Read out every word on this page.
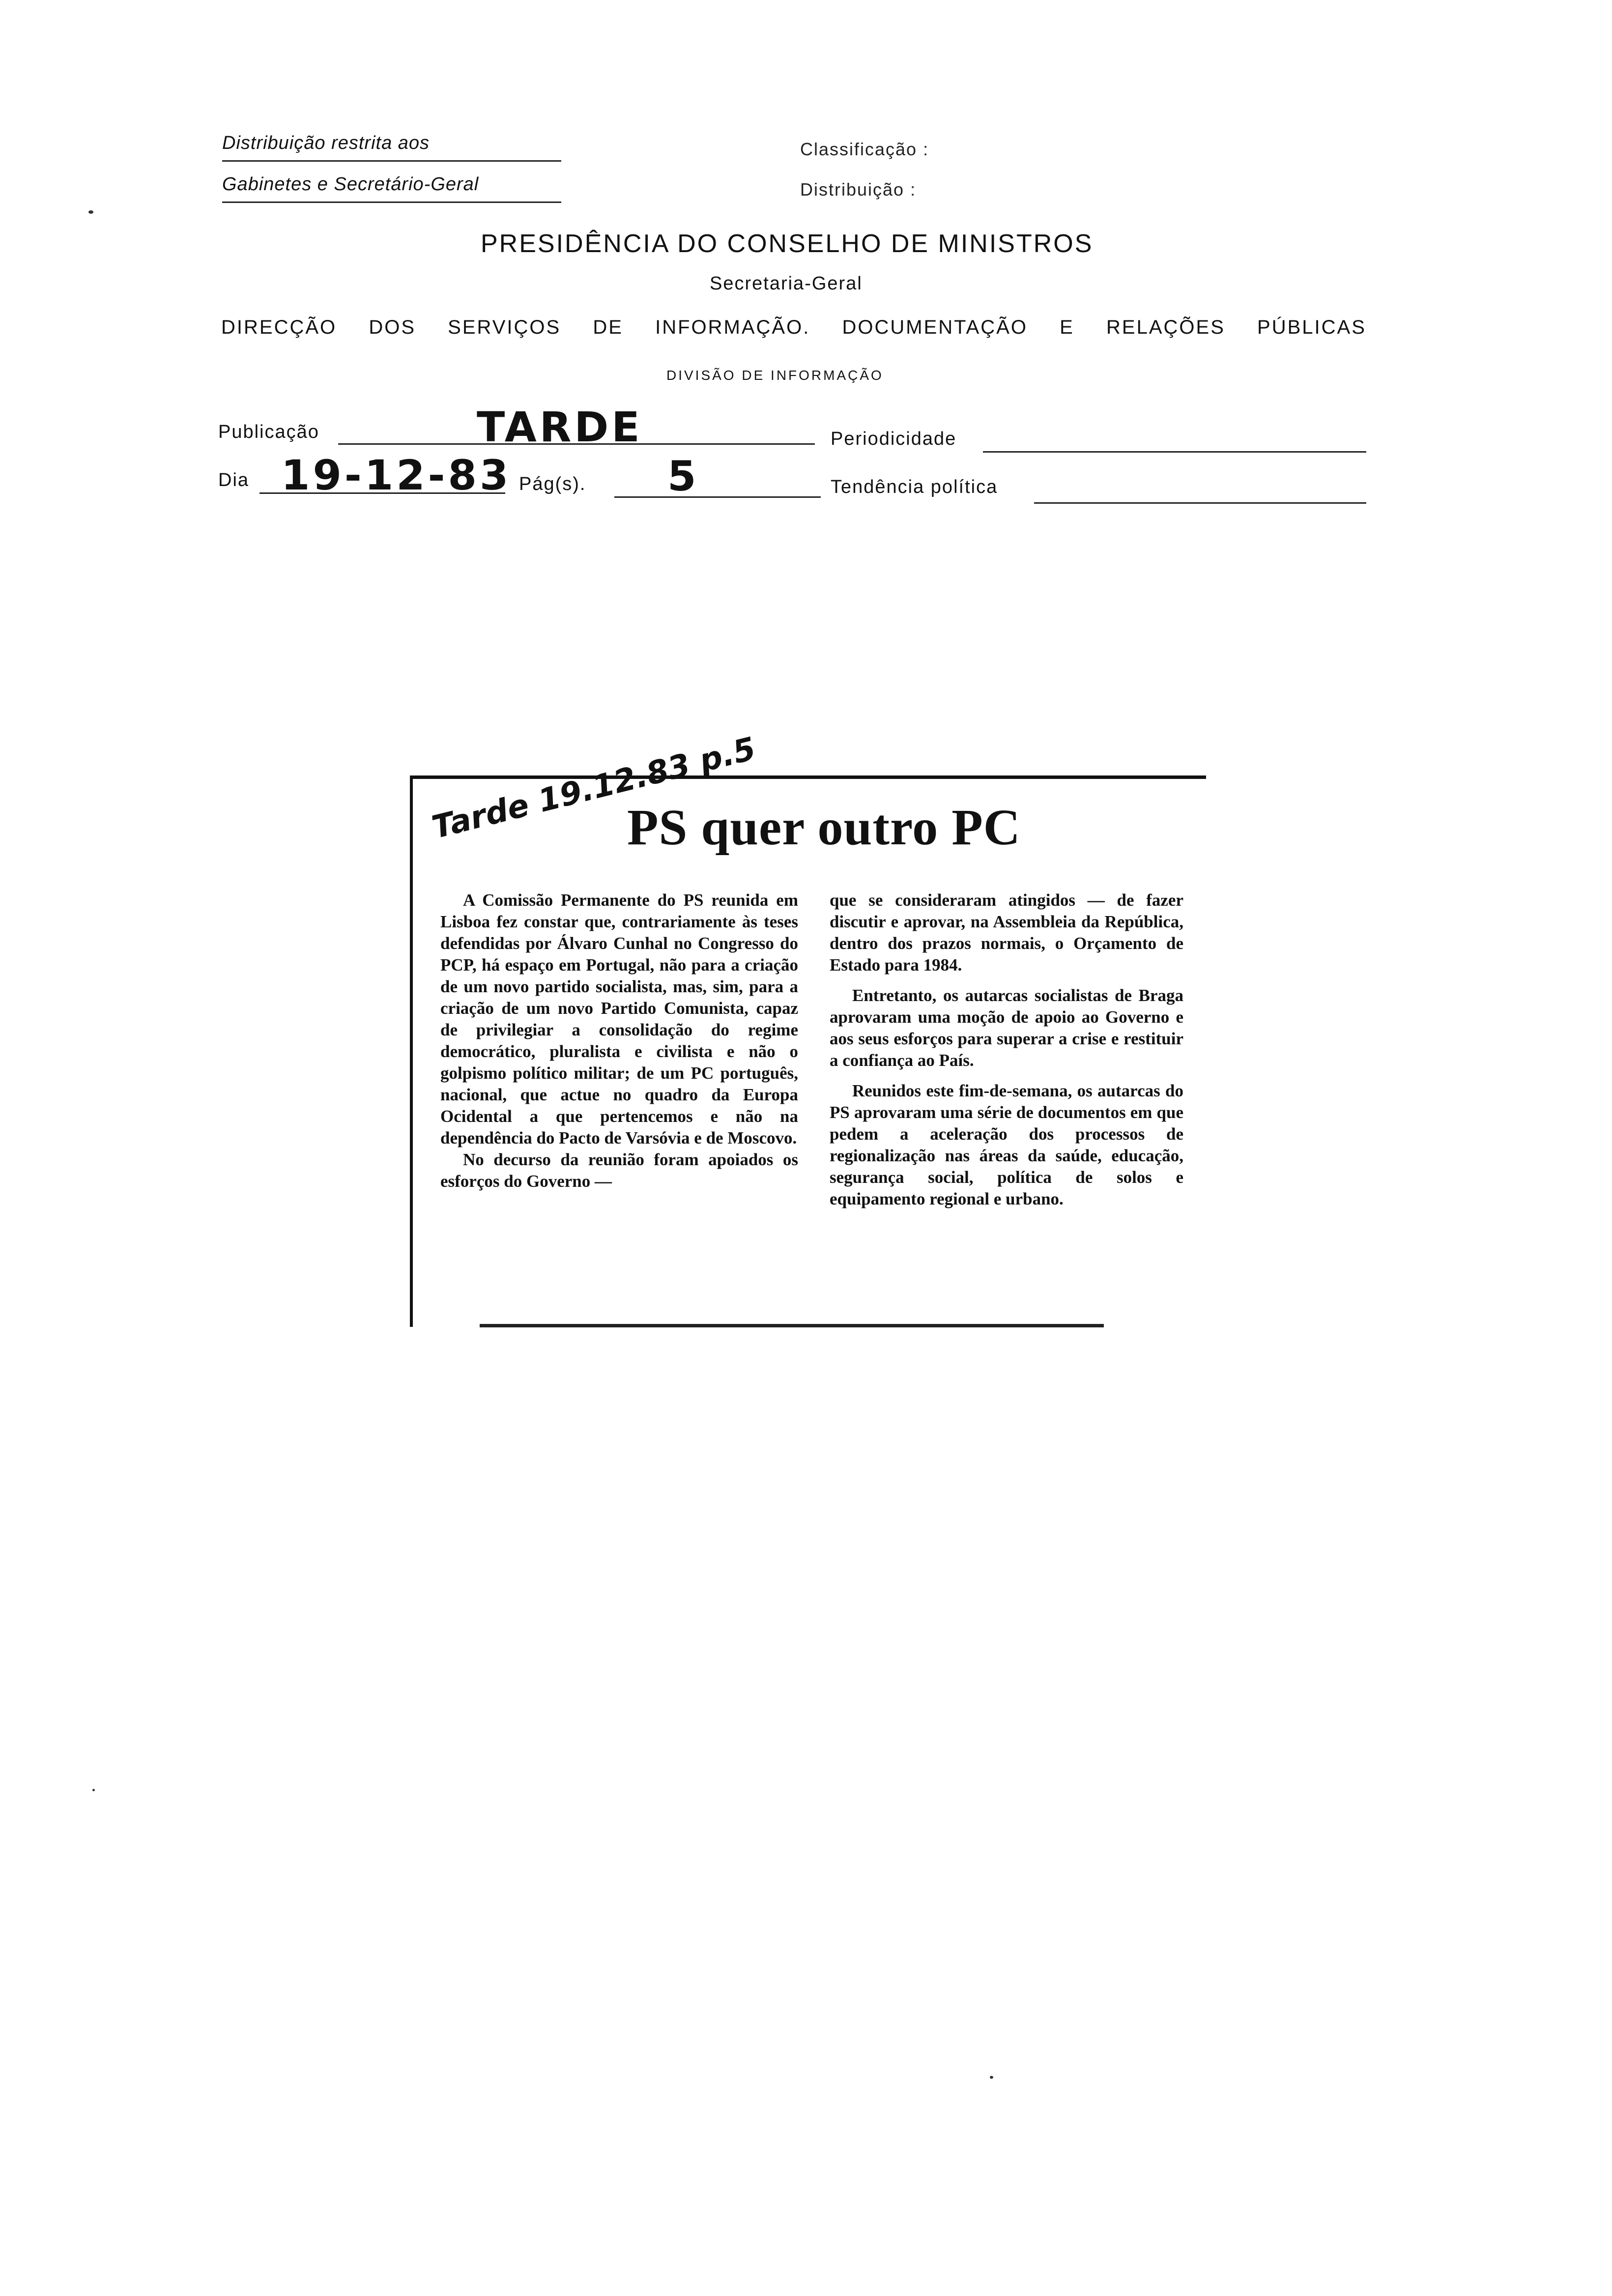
Distribuição restrita aos
Gabinetes e Secretário-Geral
Classificação :
Distribuição :
PRESIDÊNCIA DO CONSELHO DE MINISTROS
Secretaria-Geral
DIRECÇÃO DOS SERVIÇOS DE INFORMAÇÃO. DOCUMENTAÇÃO E RELAÇÕES PÚBLICAS
DIVISÃO DE INFORMAÇÃO
Publicação	TARDE	Periodicidade
Dia 19-12-83 Pág(s). 5	Tendência política
Tarde 19.12.83 p.5
PS quer outro PC

A Comissão Permanente do PS reunida em Lisboa fez constar que, contrariamente às teses defendidas por Álvaro Cunhal no Congresso do PCP, há espaço em Portugal, não para a criação de um novo partido socialista, mas, sim, para a criação de um novo Partido Comunista, capaz de privilegiar a consolidação do regime democrático, pluralista e civilista e não o golpismo político militar; de um PC português, nacional, que actue no quadro da Europa Ocidental a que pertencemos e não na dependência do Pacto de Varsóvia e de Moscovo.

No decurso da reunião foram apoiados os esforços do Governo —

que se consideraram atingidos — de fazer discutir e aprovar, na Assembleia da República, dentro dos prazos normais, o Orçamento de Estado para 1984.

Entretanto, os autarcas socialistas de Braga aprovaram uma moção de apoio ao Governo e aos seus esforços para superar a crise e restituir a confiança ao País.

Reunidos este fim-de-semana, os autarcas do PS aprovaram uma série de documentos em que pedem a aceleração dos processos de regionalização nas áreas da saúde, educação, segurança social, política de solos e equipamento regional e urbano.
